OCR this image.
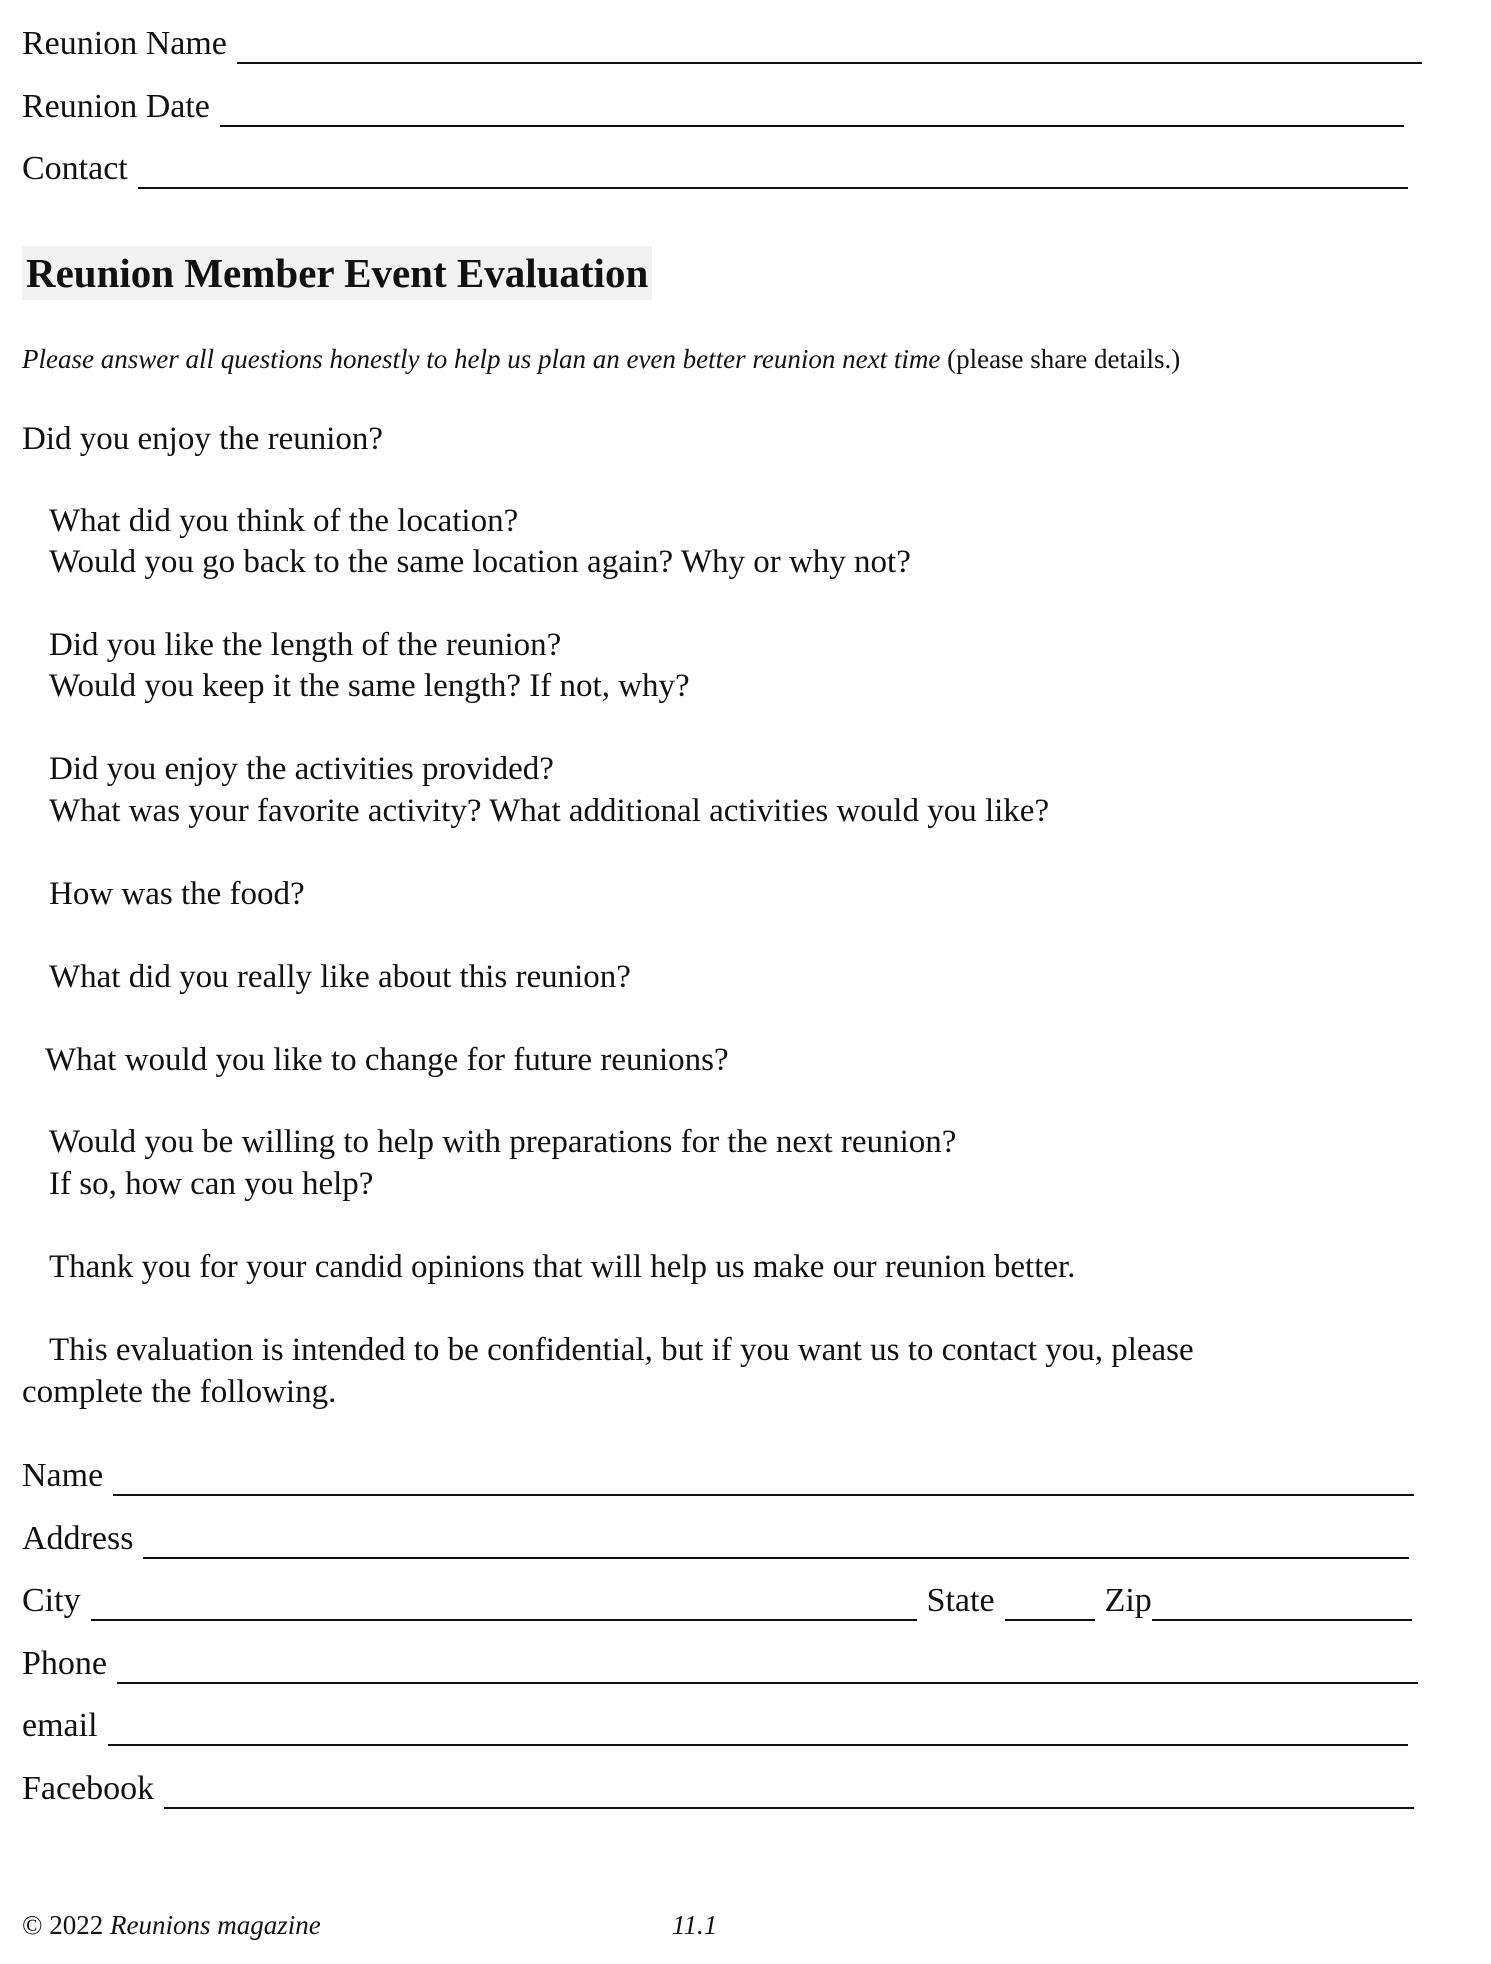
Reunion Name
Reunion Date
Contact
Reunion Member Event Evaluation
Please answer all questions honestly to help us plan an even better reunion next time (please share details.)
Did you enjoy the reunion?
What did you think of the location?
Would you go back to the same location again? Why or why not?
Did you like the length of the reunion?
Would you keep it the same length? If not, why?
Did you enjoy the activities provided?
What was your favorite activity? What additional activities would you like?
How was the food?
What did you really like about this reunion?
What would you like to change for future reunions?
Would you be willing to help with preparations for the next reunion?
If so, how can you help?
Thank you for your candid opinions that will help us make our reunion better.
This evaluation is intended to be confidential, but if you want us to contact you, please
complete the following.
Name
Address
City	State	Zip
Phone
email
Facebook
© 2022 Reunions magazine	11.1
